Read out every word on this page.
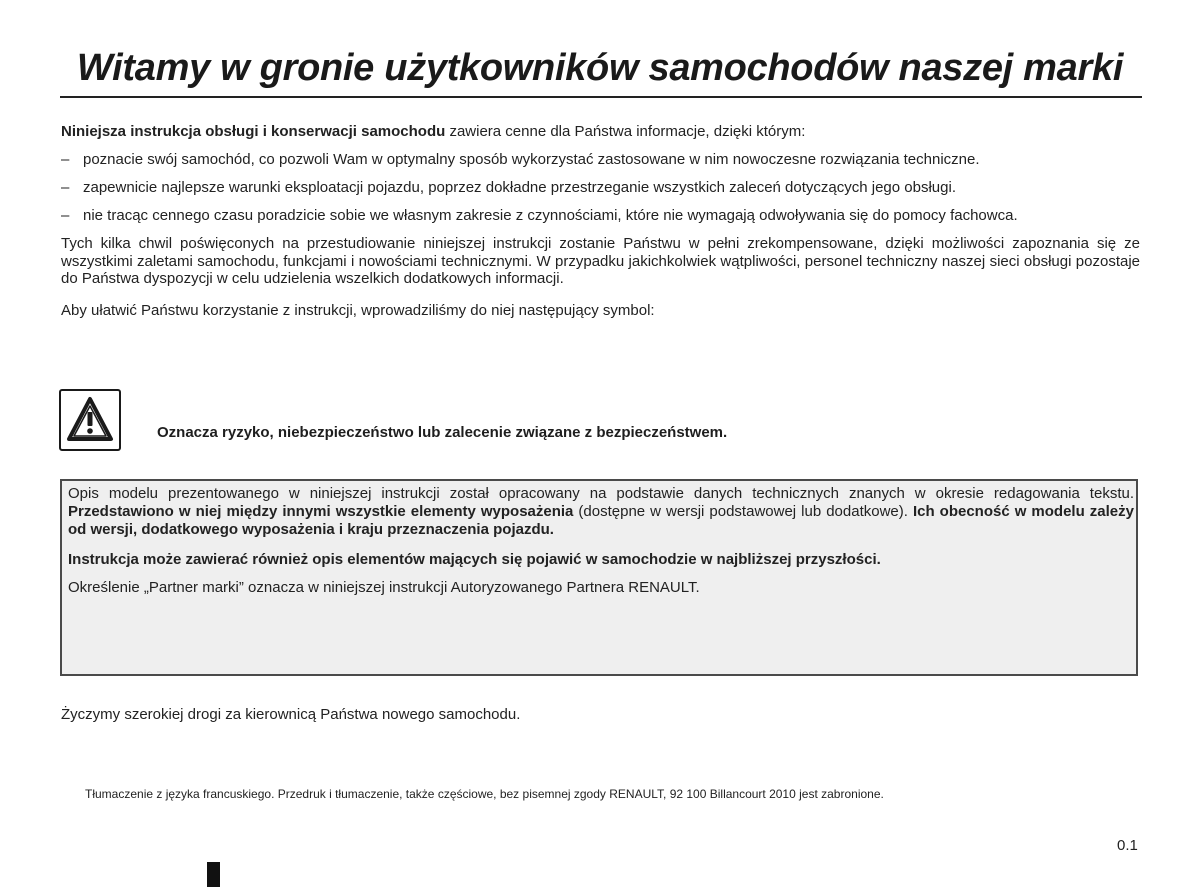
Witamy w gronie użytkowników samochodów naszej marki

Niniejsza instrukcja obsługi i konserwacji samochodu zawiera cenne dla Państwa informacje, dzięki którym:

– poznacie swój samochód, co pozwoli Wam w optymalny sposób wykorzystać zastosowane w nim nowoczesne rozwiązania techniczne.
– zapewnicie najlepsze warunki eksploatacji pojazdu, poprzez dokładne przestrzeganie wszystkich zaleceń dotyczących jego obsługi.
– nie tracąc cennego czasu poradzicie sobie we własnym zakresie z czynnościami, które nie wymagają odwoływania się do pomocy fachowca.

Tych kilka chwil poświęconych na przestudiowanie niniejszej instrukcji zostanie Państwu w pełni zrekompensowane, dzięki możliwości zapoznania się ze wszystkimi zaletami samochodu, funkcjami i nowościami technicznymi. W przypadku jakichkolwiek wątpliwości, personel techniczny naszej sieci obsługi pozostaje do Państwa dyspozycji w celu udzielenia wszelkich dodatkowych informacji.

Aby ułatwić Państwu korzystanie z instrukcji, wprowadziliśmy do niej następujący symbol:

Oznacza ryzyko, niebezpieczeństwo lub zalecenie związane z bezpieczeństwem.

Opis modelu prezentowanego w niniejszej instrukcji został opracowany na podstawie danych technicznych znanych w okresie redagowania tekstu. Przedstawiono w niej między innymi wszystkie elementy wyposażenia (dostępne w wersji podstawowej lub dodatkowe). Ich obecność w modelu zależy od wersji, dodatkowego wyposażenia i kraju przeznaczenia pojazdu.

Instrukcja może zawierać również opis elementów mających się pojawić w samochodzie w najbliższej przyszłości.

Określenie „Partner marki” oznacza w niniejszej instrukcji Autoryzowanego Partnera RENAULT.

Życzymy szerokiej drogi za kierownicą Państwa nowego samochodu.

Tłumaczenie z języka francuskiego. Przedruk i tłumaczenie, także częściowe, bez pisemnej zgody RENAULT, 92 100 Billancourt 2010 jest zabronione.
0.1
